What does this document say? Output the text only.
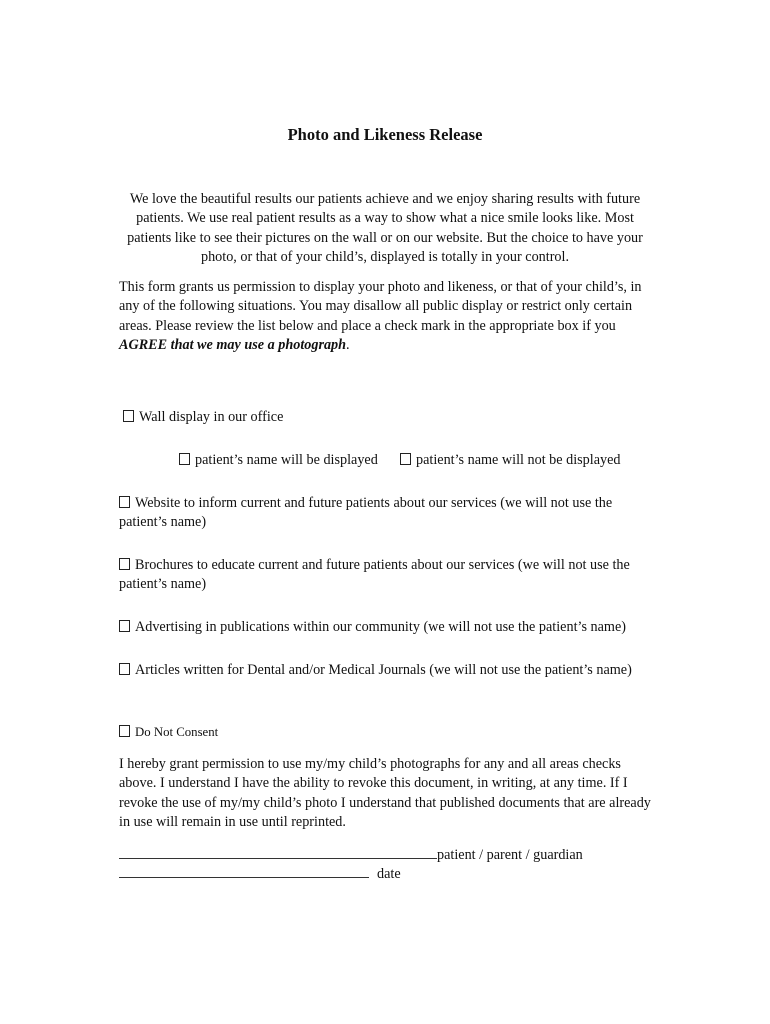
Photo and Likeness Release
We love the beautiful results our patients achieve and we enjoy sharing results with future patients. We use real patient results as a way to show what a nice smile looks like. Most patients like to see their pictures on the wall or on our website. But the choice to have your photo, or that of your child’s, displayed is totally in your control.
This form grants us permission to display your photo and likeness, or that of your child’s, in any of the following situations. You may disallow all public display or restrict only certain areas. Please review the list below and place a check mark in the appropriate box if you AGREE that we may use a photograph.
Wall display in our office
patient’s name will be displayed	patient’s name will not be displayed
Website to inform current and future patients about our services (we will not use the patient’s name)
Brochures to educate current and future patients about our services (we will not use the patient’s name)
Advertising in publications within our community (we will not use the patient’s name)
Articles written for Dental and/or Medical Journals (we will not use the patient’s name)
Do Not Consent
I hereby grant permission to use my/my child’s photographs for any and all areas checks above. I understand I have the ability to revoke this document, in writing, at any time. If I revoke the use of my/my child’s photo I understand that published documents that are already in use will remain in use until reprinted.
patient / parent / guardian
date
